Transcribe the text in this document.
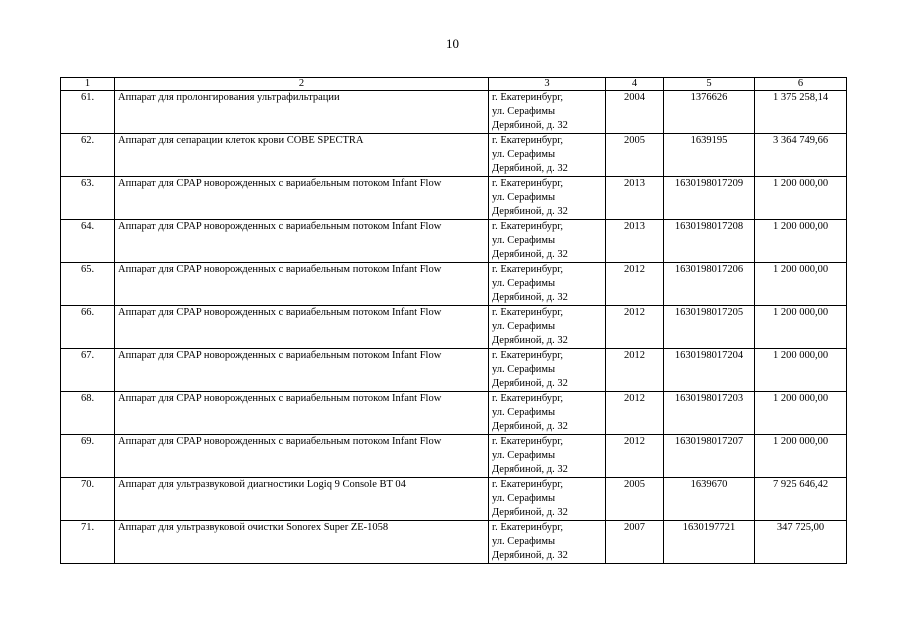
10
1	2	3	4	5	6
61.	Аппарат для пролонгирования ультрафильтрации	г. Екатеринбург,
ул. Серафимы
Дерябиной, д. 32	2004	1376626	1 375 258,14
62.	Аппарат для сепарации клеток крови COBE SPECTRA	г. Екатеринбург,
ул. Серафимы
Дерябиной, д. 32	2005	1639195	3 364 749,66
63.	Аппарат для CPAP новорожденных с вариабельным потоком Infant Flow	г. Екатеринбург,
ул. Серафимы
Дерябиной, д. 32	2013	1630198017209	1 200 000,00
64.	Аппарат для CPAP новорожденных с вариабельным потоком Infant Flow	г. Екатеринбург,
ул. Серафимы
Дерябиной, д. 32	2013	1630198017208	1 200 000,00
65.	Аппарат для CPAP новорожденных с вариабельным потоком Infant Flow	г. Екатеринбург,
ул. Серафимы
Дерябиной, д. 32	2012	1630198017206	1 200 000,00
66.	Аппарат для CPAP новорожденных с вариабельным потоком Infant Flow	г. Екатеринбург,
ул. Серафимы
Дерябиной, д. 32	2012	1630198017205	1 200 000,00
67.	Аппарат для CPAP новорожденных с вариабельным потоком Infant Flow	г. Екатеринбург,
ул. Серафимы
Дерябиной, д. 32	2012	1630198017204	1 200 000,00
68.	Аппарат для CPAP новорожденных с вариабельным потоком Infant Flow	г. Екатеринбург,
ул. Серафимы
Дерябиной, д. 32	2012	1630198017203	1 200 000,00
69.	Аппарат для CPAP новорожденных с вариабельным потоком Infant Flow	г. Екатеринбург,
ул. Серафимы
Дерябиной, д. 32	2012	1630198017207	1 200 000,00
70.	Аппарат для ультразвуковой диагностики Logiq 9 Console BT 04	г. Екатеринбург,
ул. Серафимы
Дерябиной, д. 32	2005	1639670	7 925 646,42
71.	Аппарат для ультразвуковой очистки Sonorex Super ZE-1058	г. Екатеринбург,
ул. Серафимы
Дерябиной, д. 32	2007	1630197721	347 725,00
